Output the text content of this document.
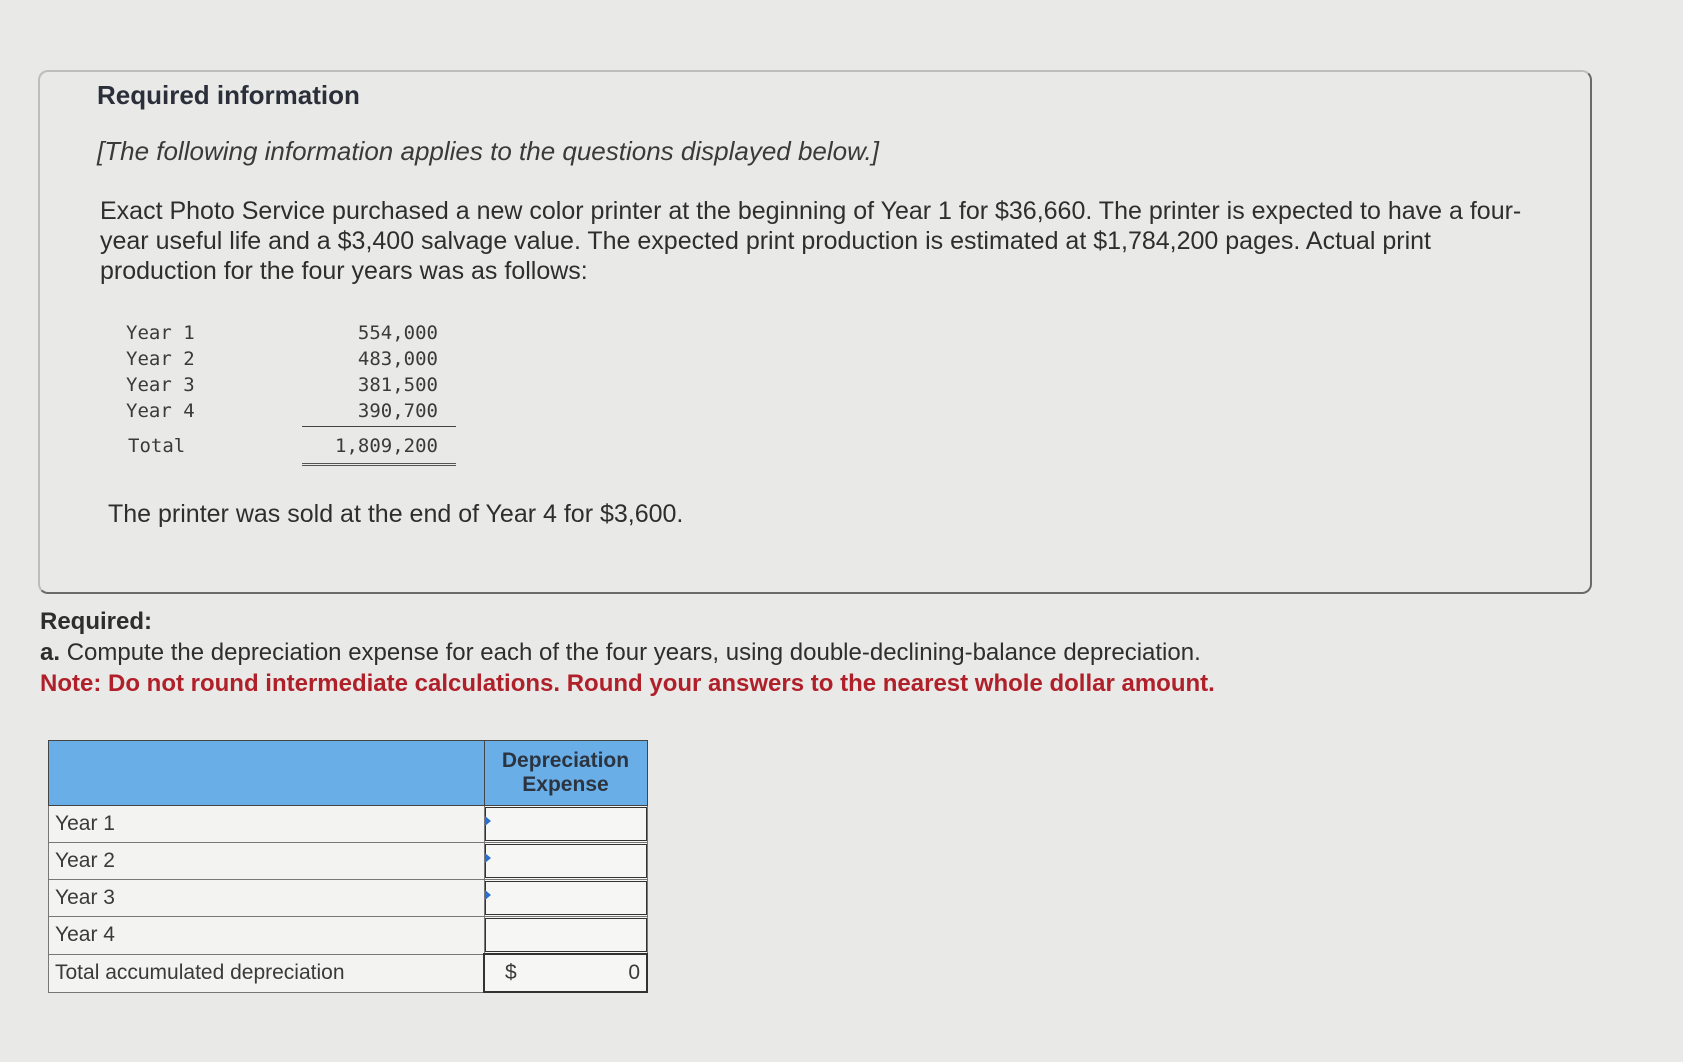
Required information
[The following information applies to the questions displayed below.]
Exact Photo Service purchased a new color printer at the beginning of Year 1 for $36,660. The printer is expected to have a four-year useful life and a $3,400 salvage value. The expected print production is estimated at $1,784,200 pages. Actual print production for the four years was as follows:
Year 1	554,000
Year 2	483,000
Year 3	381,500
Year 4	390,700
Total	1,809,200
The printer was sold at the end of Year 4 for $3,600.
Required:
a. Compute the depreciation expense for each of the four years, using double-declining-balance depreciation.
Note: Do not round intermediate calculations. Round your answers to the nearest whole dollar amount.
	Depreciation Expense
Year 1	

Year 2	

Year 3	

Year 4	
Total accumulated depreciation	$ 0
